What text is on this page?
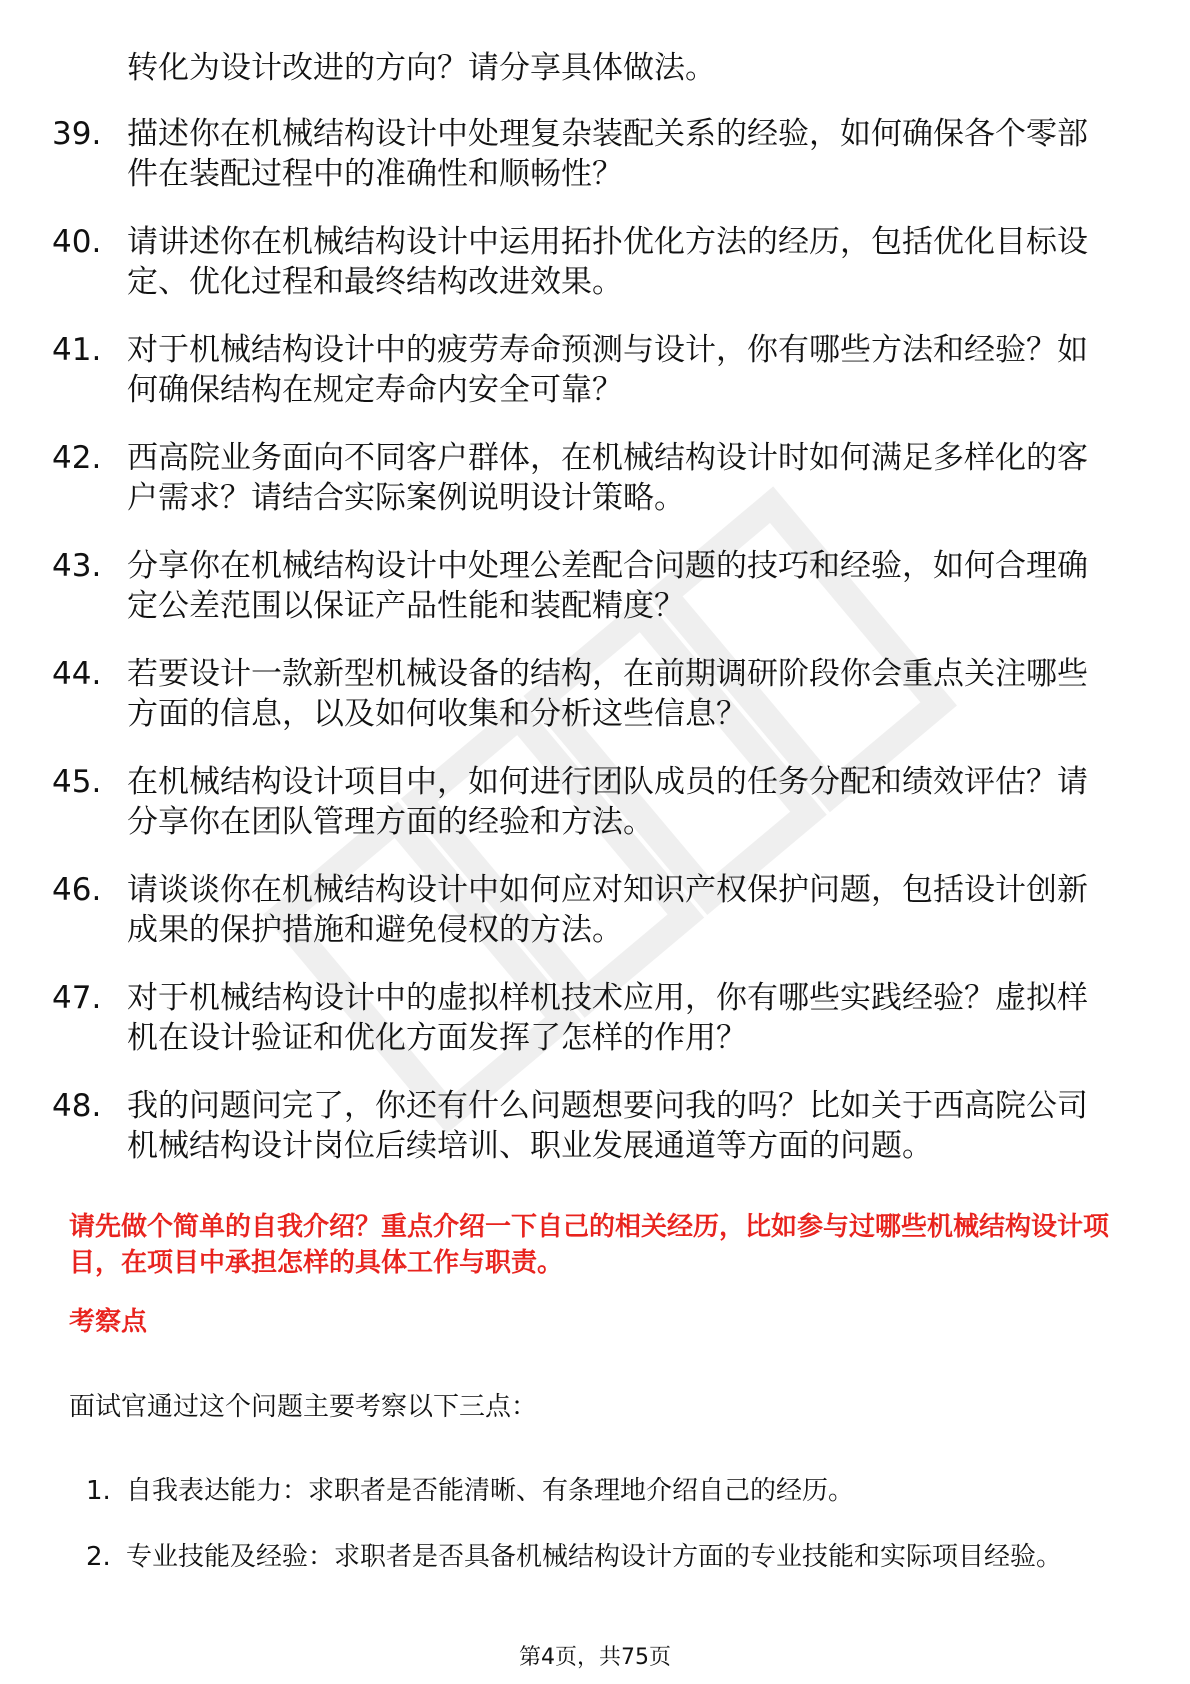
转化为设计改进的方向？请分享具体做法。

39. 描述你在机械结构设计中处理复杂装配关系的经验，如何确保各个零部件在装配过程中的准确性和顺畅性？

40. 请讲述你在机械结构设计中运用拓扑优化方法的经历，包括优化目标设定、优化过程和最终结构改进效果。

41. 对于机械结构设计中的疲劳寿命预测与设计，你有哪些方法和经验？如何确保结构在规定寿命内安全可靠？

42. 西高院业务面向不同客户群体，在机械结构设计时如何满足多样化的客户需求？请结合实际案例说明设计策略。

43. 分享你在机械结构设计中处理公差配合问题的技巧和经验，如何合理确定公差范围以保证产品性能和装配精度？

44. 若要设计一款新型机械设备的结构，在前期调研阶段你会重点关注哪些方面的信息，以及如何收集和分析这些信息？

45. 在机械结构设计项目中，如何进行团队成员的任务分配和绩效评估？请分享你在团队管理方面的经验和方法。

46. 请谈谈你在机械结构设计中如何应对知识产权保护问题，包括设计创新成果的保护措施和避免侵权的方法。

47. 对于机械结构设计中的虚拟样机技术应用，你有哪些实践经验？虚拟样机在设计验证和优化方面发挥了怎样的作用？

48. 我的问题问完了，你还有什么问题想要问我的吗？比如关于西高院公司机械结构设计岗位后续培训、职业发展通道等方面的问题。

请先做个简单的自我介绍？重点介绍一下自己的相关经历，比如参与过哪些机械结构设计项目，在项目中承担怎样的具体工作与职责。

考察点

面试官通过这个问题主要考察以下三点：

1. 自我表达能力：求职者是否能清晰、有条理地介绍自己的经历。

2. 专业技能及经验：求职者是否具备机械结构设计方面的专业技能和实际项目经验。

第4页，共75页
